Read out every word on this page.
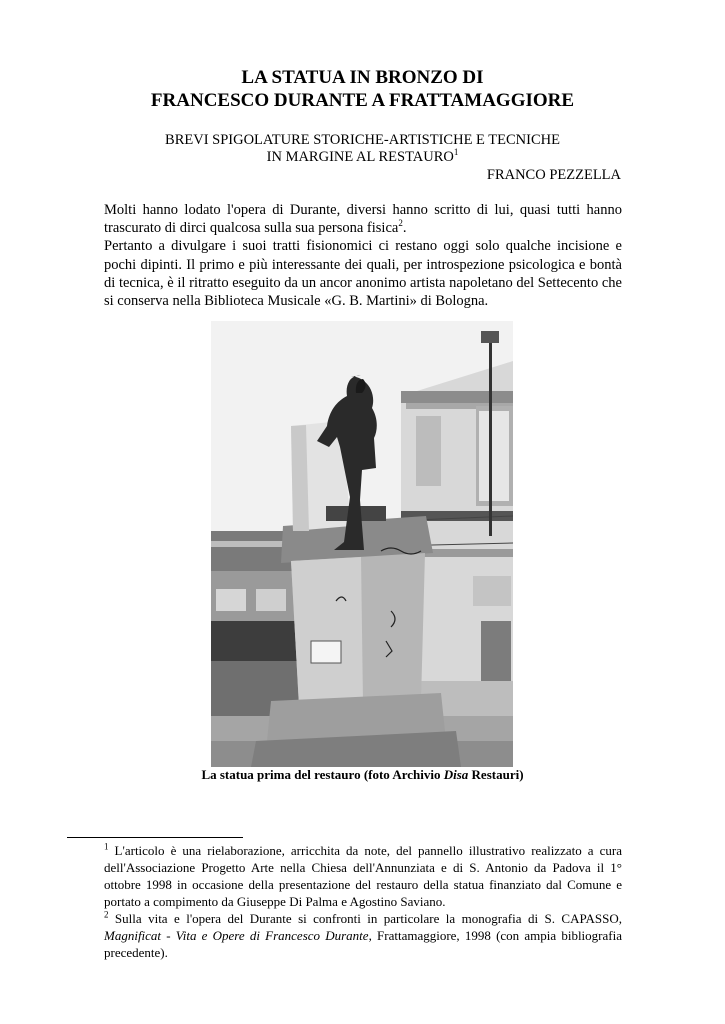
LA STATUA IN BRONZO DI
FRANCESCO DURANTE A FRATTAMAGGIORE
BREVI SPIGOLATURE STORICHE-ARTISTICHE E TECNICHE
IN MARGINE AL RESTAURO$^1$
FRANCO PEZZELLA

Molti hanno lodato l'opera di Durante, diversi hanno scritto di lui, quasi tutti hanno trascurato di dirci qualcosa sulla sua persona fisica$^2$.

Pertanto a divulgare i suoi tratti fisionomici ci restano oggi solo qualche incisione e pochi dipinti. Il primo e più interessante dei quali, per introspezione psicologica e bontà di tecnica, è il ritratto eseguito da un ancor anonimo artista napoletano del Settecento che si conserva nella Biblioteca Musicale «G. B. Martini» di Bologna.

La statua prima del restauro (foto Archivio Disa Restauri)

$^1$ L'articolo è una rielaborazione, arricchita da note, del pannello illustrativo realizzato a cura dell'Associazione Progetto Arte nella Chiesa dell'Annunziata e di S. Antonio da Padova il 1° ottobre 1998 in occasione della presentazione del restauro della statua finanziato dal Comune e portato a compimento da Giuseppe Di Palma e Agostino Saviano.

$^2$ Sulla vita e l'opera del Durante si confronti in particolare la monografia di S. CAPASSO, Magnificat - Vita e Opere di Francesco Durante, Frattamaggiore, 1998 (con ampia bibliografia precedente).
